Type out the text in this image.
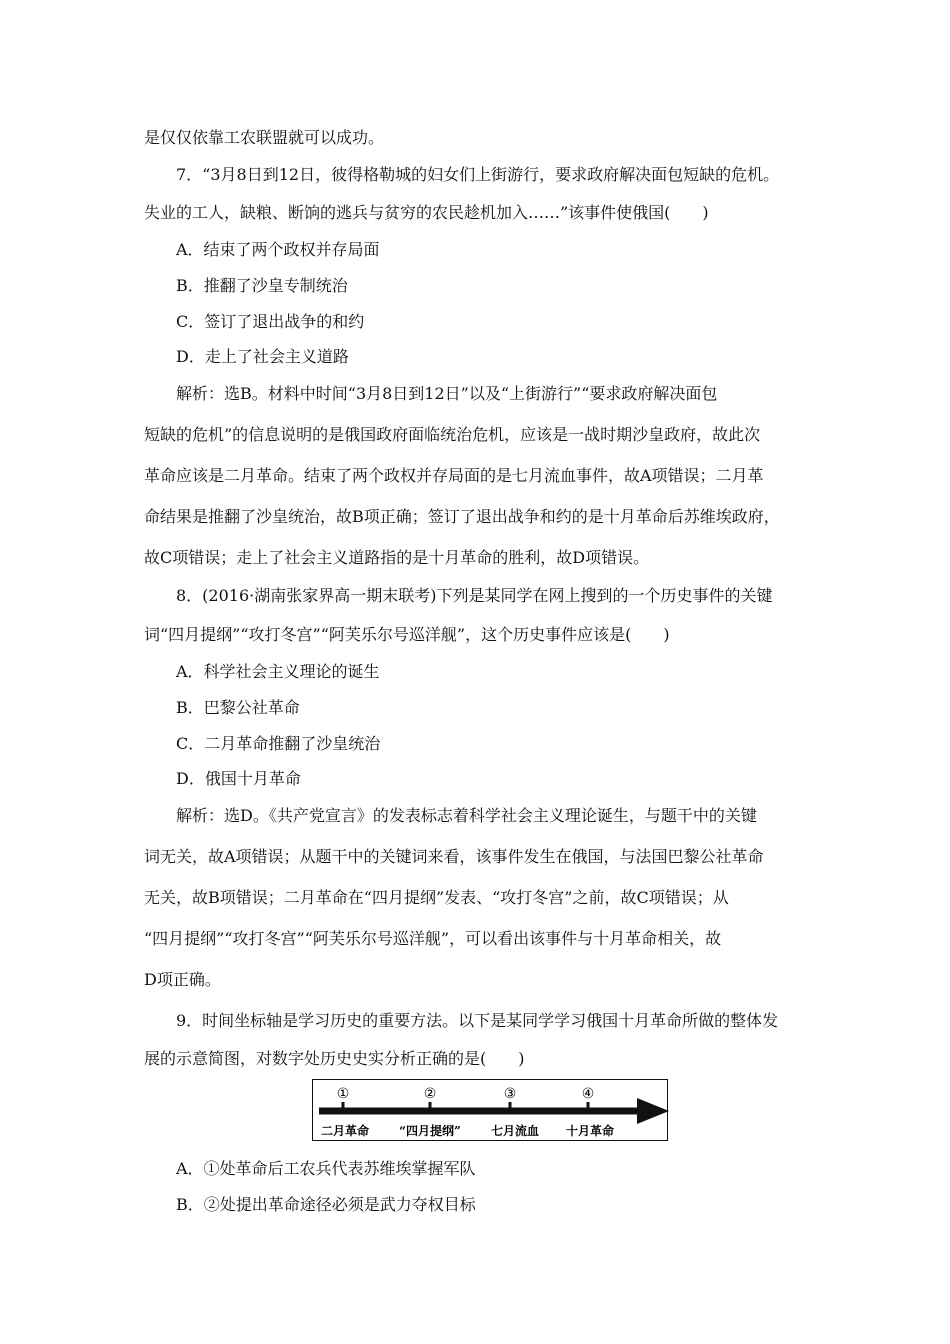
是仅仅依靠工农联盟就可以成功。
7．“3月8日到12日，彼得格勒城的妇女们上街游行，要求政府解决面包短缺的危机。
失业的工人，缺粮、断饷的逃兵与贫穷的农民趁机加入……”该事件使俄国(　　)
A．结束了两个政权并存局面
B．推翻了沙皇专制统治
C．签订了退出战争的和约
D．走上了社会主义道路
解析：选B。材料中时间“3月8日到12日”以及“上街游行”“要求政府解决面包
短缺的危机”的信息说明的是俄国政府面临统治危机，应该是一战时期沙皇政府，故此次
革命应该是二月革命。结束了两个政权并存局面的是七月流血事件，故A项错误；二月革
命结果是推翻了沙皇统治，故B项正确；签订了退出战争和约的是十月革命后苏维埃政府，
故C项错误；走上了社会主义道路指的是十月革命的胜利，故D项错误。
8．(2016·湖南张家界高一期末联考)下列是某同学在网上搜到的一个历史事件的关键
词“四月提纲”“攻打冬宫”“阿芙乐尔号巡洋舰”，这个历史事件应该是(　　)
A．科学社会主义理论的诞生
B．巴黎公社革命
C．二月革命推翻了沙皇统治
D．俄国十月革命
解析：选D。《共产党宣言》的发表标志着科学社会主义理论诞生，与题干中的关键
词无关，故A项错误；从题干中的关键词来看，该事件发生在俄国，与法国巴黎公社革命
无关，故B项错误；二月革命在“四月提纲”发表、“攻打冬宫”之前，故C项错误；从
“四月提纲”“攻打冬宫”“阿芙乐尔号巡洋舰”，可以看出该事件与十月革命相关，故
D项正确。
9．时间坐标轴是学习历史的重要方法。以下是某同学学习俄国十月革命所做的整体发
展的示意简图，对数字处历史史实分析正确的是(　　)
①	②	③	④
二月革命	“四月提纲”	七月流血 十月革命
A．①处革命后工农兵代表苏维埃掌握军队
B．②处提出革命途径必须是武力夺权目标
